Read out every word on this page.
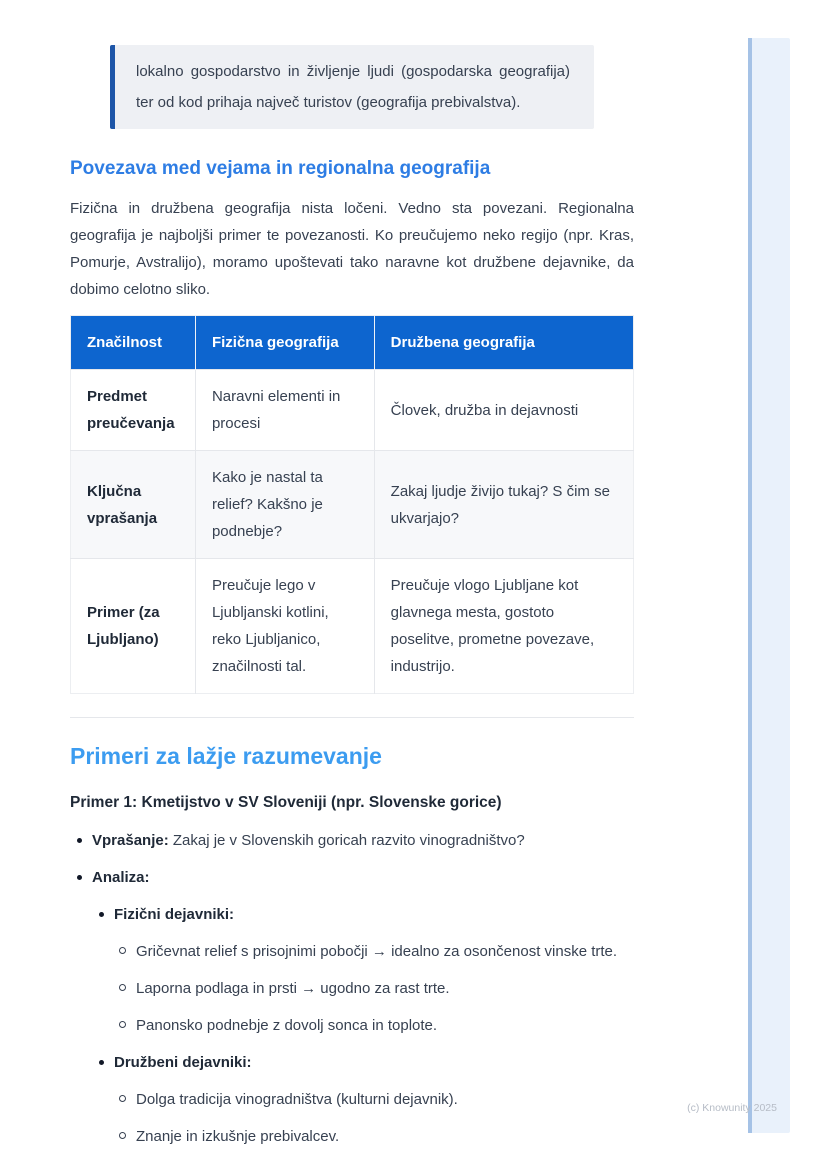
lokalno gospodarstvo in življenje ljudi (gospodarska geografija) ter od kod prihaja največ turistov (geografija prebivalstva).
Povezava med vejama in regionalna geografija

Fizična in družbena geografija nista ločeni. Vedno sta povezani. Regionalna geografija je najboljši primer te povezanosti. Ko preučujemo neko regijo (npr. Kras, Pomurje, Avstralijo), moramo upoštevati tako naravne kot družbene dejavnike, da dobimo celotno sliko.

Značilnost	Fizična geografija	Družbena geografija
Predmet preučevanja	Naravni elementi in procesi	Človek, družba in dejavnosti
Ključna vprašanja	Kako je nastal ta relief? Kakšno je podnebje?	Zakaj ljudje živijo tukaj? S čim se ukvarjajo?
Primer (za Ljubljano)	Preučuje lego v Ljubljanski kotlini, reko Ljubljanico, značilnosti tal.	Preučuje vlogo Ljubljane kot glavnega mesta, gostoto poselitve, prometne povezave, industrijo.
Primeri za lažje razumevanje

Primer 1: Kmetijstvo v SV Sloveniji (npr. Slovenske gorice)

Vprašanje: Zakaj je v Slovenskih goricah razvito vinogradništvo?
Analiza:
Fizični dejavniki:
Gričevnat relief s prisojnimi pobočji → idealno za osončenost vinske trte.
Laporna podlaga in prsti → ugodno za rast trte.
Panonsko podnebje z dovolj sonca in toplote.
Družbeni dejavniki:
Dolga tradicija vinogradništva (kulturni dejavnik).
Znanje in izkušnje prebivalcev.
(c) Knowunity 2025
